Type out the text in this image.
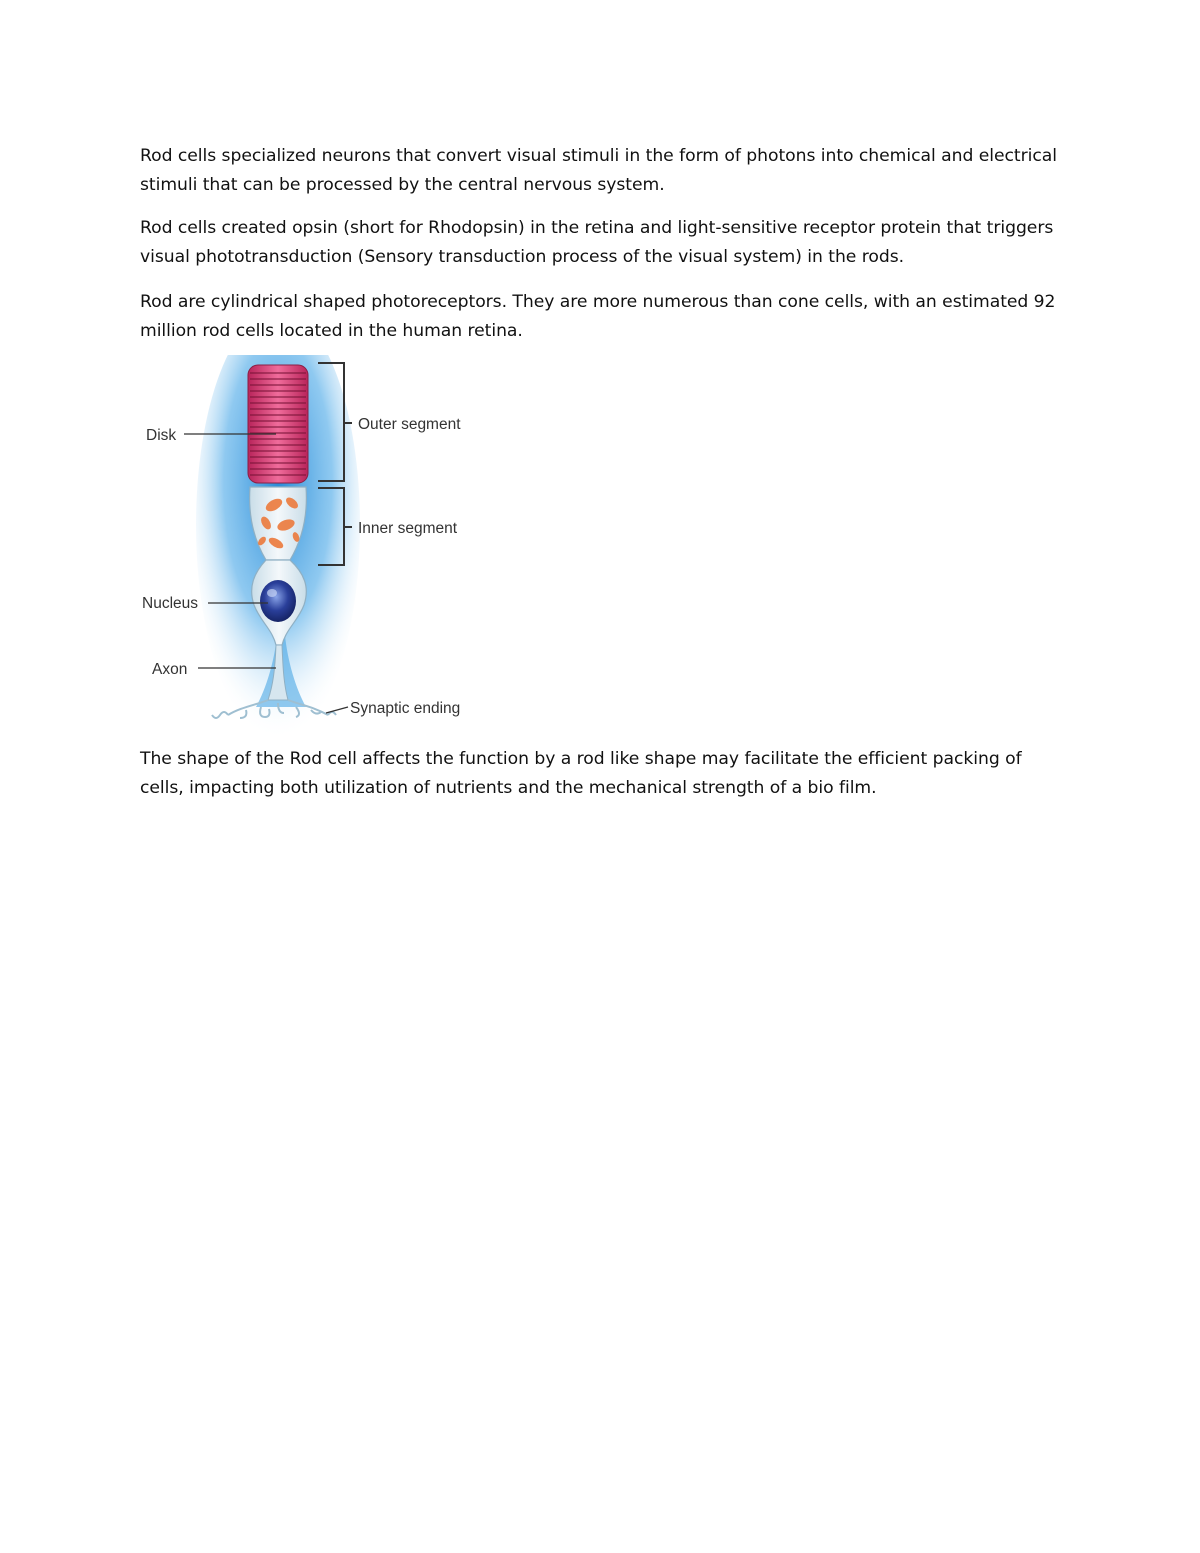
Rod cells specialized neurons that convert visual stimuli in the form of photons into chemical and electrical stimuli that can be processed by the central nervous system.

Rod cells created opsin (short for Rhodopsin) in the retina and light-sensitive receptor protein that triggers visual phototransduction (Sensory transduction process of the visual system) in the rods.

Rod are cylindrical shaped photoreceptors. They are more numerous than cone cells, with an estimated 92 million rod cells located in the human retina.

Disk
Outer segment
Inner segment
Nucleus
Axon
Synaptic ending

The shape of the Rod cell affects the function by a rod like shape may facilitate the efficient packing of cells, impacting both utilization of nutrients and the mechanical strength of a bio film.
